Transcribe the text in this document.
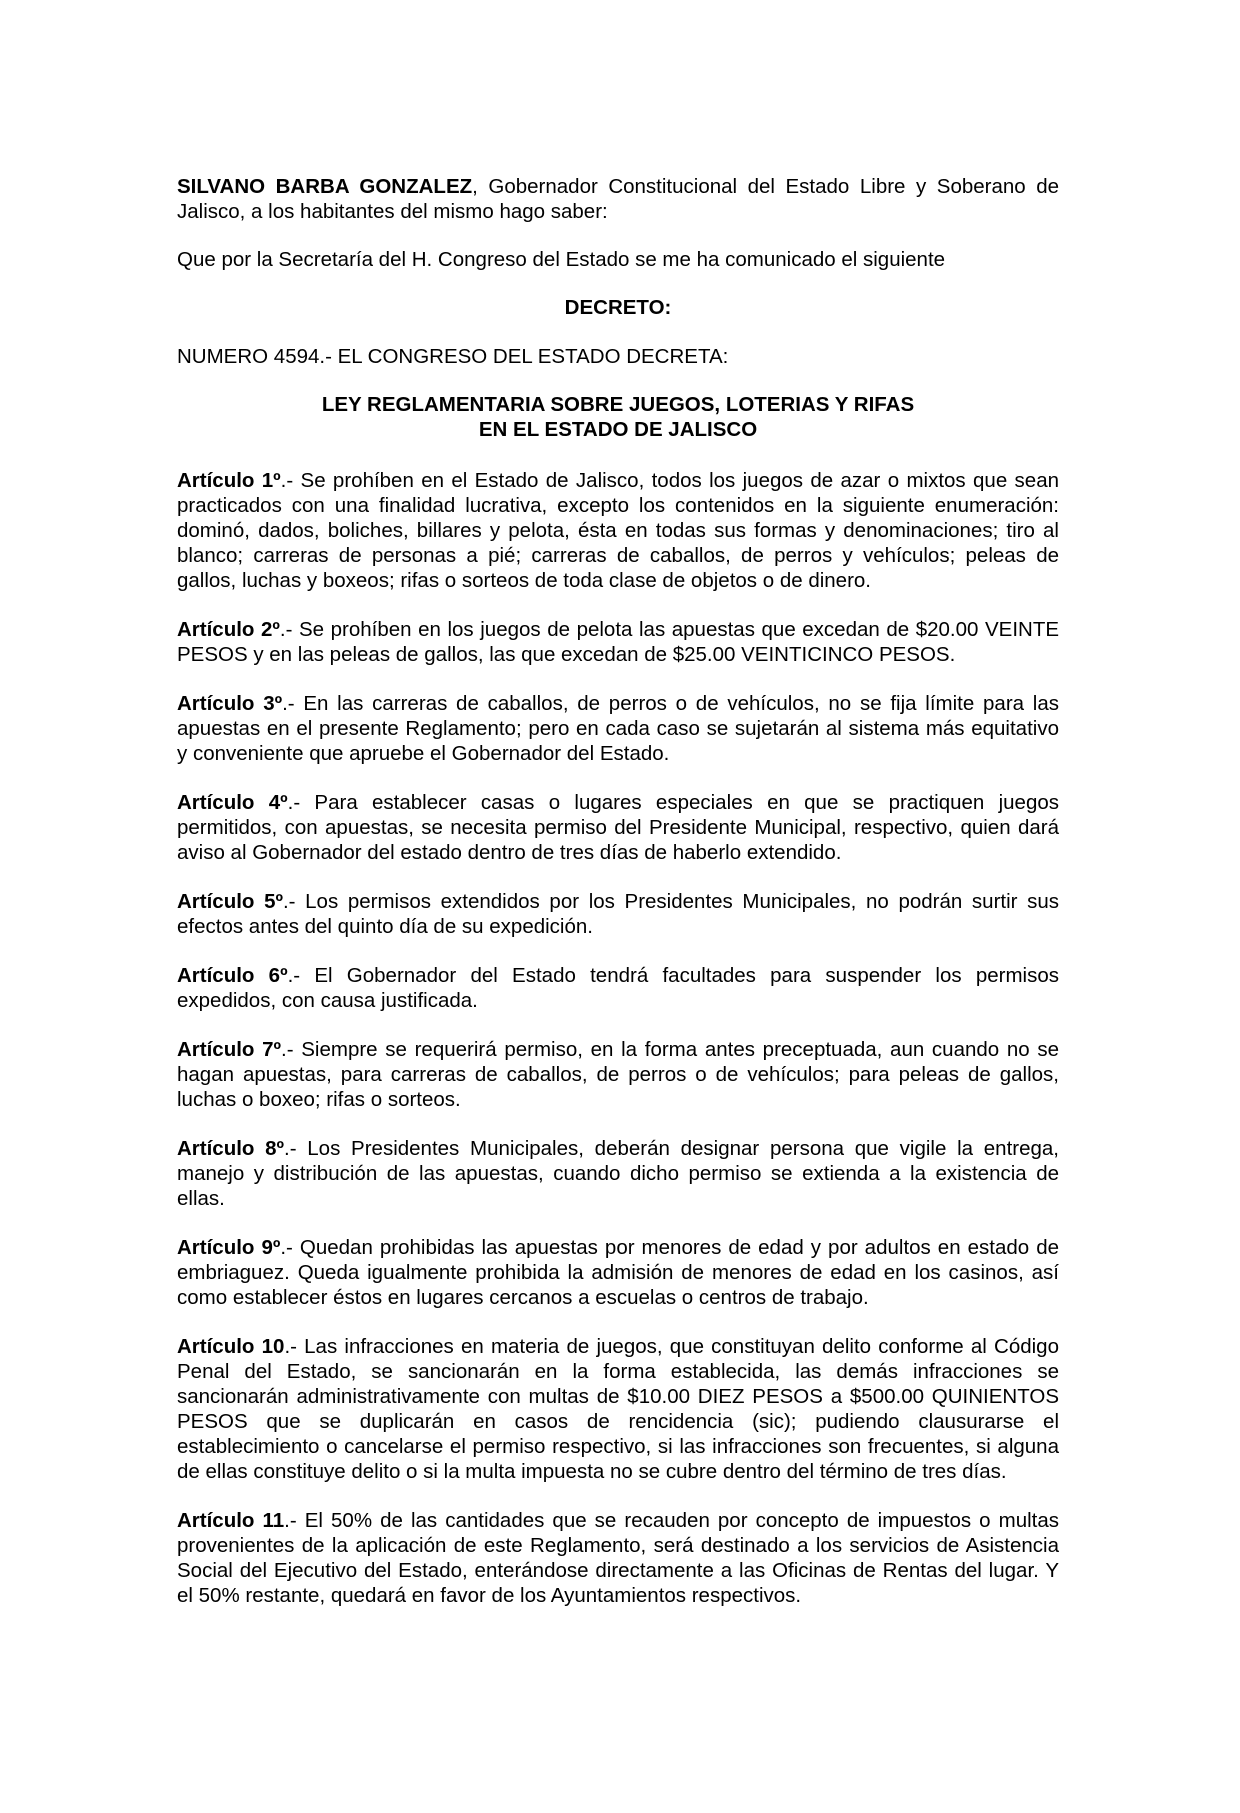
SILVANO BARBA GONZALEZ, Gobernador Constitucional del Estado Libre y Soberano de Jalisco, a los habitantes del mismo hago saber:

Que por la Secretaría del H. Congreso del Estado se me ha comunicado el siguiente

DECRETO:

NUMERO 4594.- EL CONGRESO DEL ESTADO DECRETA:

LEY REGLAMENTARIA SOBRE JUEGOS, LOTERIAS Y RIFAS
EN EL ESTADO DE JALISCO

Artículo 1º.- Se prohíben en el Estado de Jalisco, todos los juegos de azar o mixtos que sean practicados con una finalidad lucrativa, excepto los contenidos en la siguiente enumeración: dominó, dados, boliches, billares y pelota, ésta en todas sus formas y denominaciones; tiro al blanco; carreras de personas a pié; carreras de caballos, de perros y vehículos; peleas de gallos, luchas y boxeos; rifas o sorteos de toda clase de objetos o de dinero.

Artículo 2º.- Se prohíben en los juegos de pelota las apuestas que excedan de $20.00 VEINTE PESOS y en las peleas de gallos, las que excedan de $25.00 VEINTICINCO PESOS.

Artículo 3º.- En las carreras de caballos, de perros o de vehículos, no se fija límite para las apuestas en el presente Reglamento; pero en cada caso se sujetarán al sistema más equitativo y conveniente que apruebe el Gobernador del Estado.

Artículo 4º.- Para establecer casas o lugares especiales en que se practiquen juegos permitidos, con apuestas, se necesita permiso del Presidente Municipal, respectivo, quien dará aviso al Gobernador del estado dentro de tres días de haberlo extendido.

Artículo 5º.- Los permisos extendidos por los Presidentes Municipales, no podrán surtir sus efectos antes del quinto día de su expedición.

Artículo 6º.- El Gobernador del Estado tendrá facultades para suspender los permisos expedidos, con causa justificada.

Artículo 7º.- Siempre se requerirá permiso, en la forma antes preceptuada, aun cuando no se hagan apuestas, para carreras de caballos, de perros o de vehículos; para peleas de gallos, luchas o boxeo; rifas o sorteos.

Artículo 8º.- Los Presidentes Municipales, deberán designar persona que vigile la entrega, manejo y distribución de las apuestas, cuando dicho permiso se extienda a la existencia de ellas.

Artículo 9º.- Quedan prohibidas las apuestas por menores de edad y por adultos en estado de embriaguez. Queda igualmente prohibida la admisión de menores de edad en los casinos, así como establecer éstos en lugares cercanos a escuelas o centros de trabajo.

Artículo 10.- Las infracciones en materia de juegos, que constituyan delito conforme al Código Penal del Estado, se sancionarán en la forma establecida, las demás infracciones se sancionarán administrativamente con multas de $10.00 DIEZ PESOS a $500.00 QUINIENTOS PESOS que se duplicarán en casos de rencidencia (sic); pudiendo clausurarse el establecimiento o cancelarse el permiso respectivo, si las infracciones son frecuentes, si alguna de ellas constituye delito o si la multa impuesta no se cubre dentro del término de tres días.

Artículo 11.- El 50% de las cantidades que se recauden por concepto de impuestos o multas provenientes de la aplicación de este Reglamento, será destinado a los servicios de Asistencia Social del Ejecutivo del Estado, enterándose directamente a las Oficinas de Rentas del lugar. Y el 50% restante, quedará en favor de los Ayuntamientos respectivos.
